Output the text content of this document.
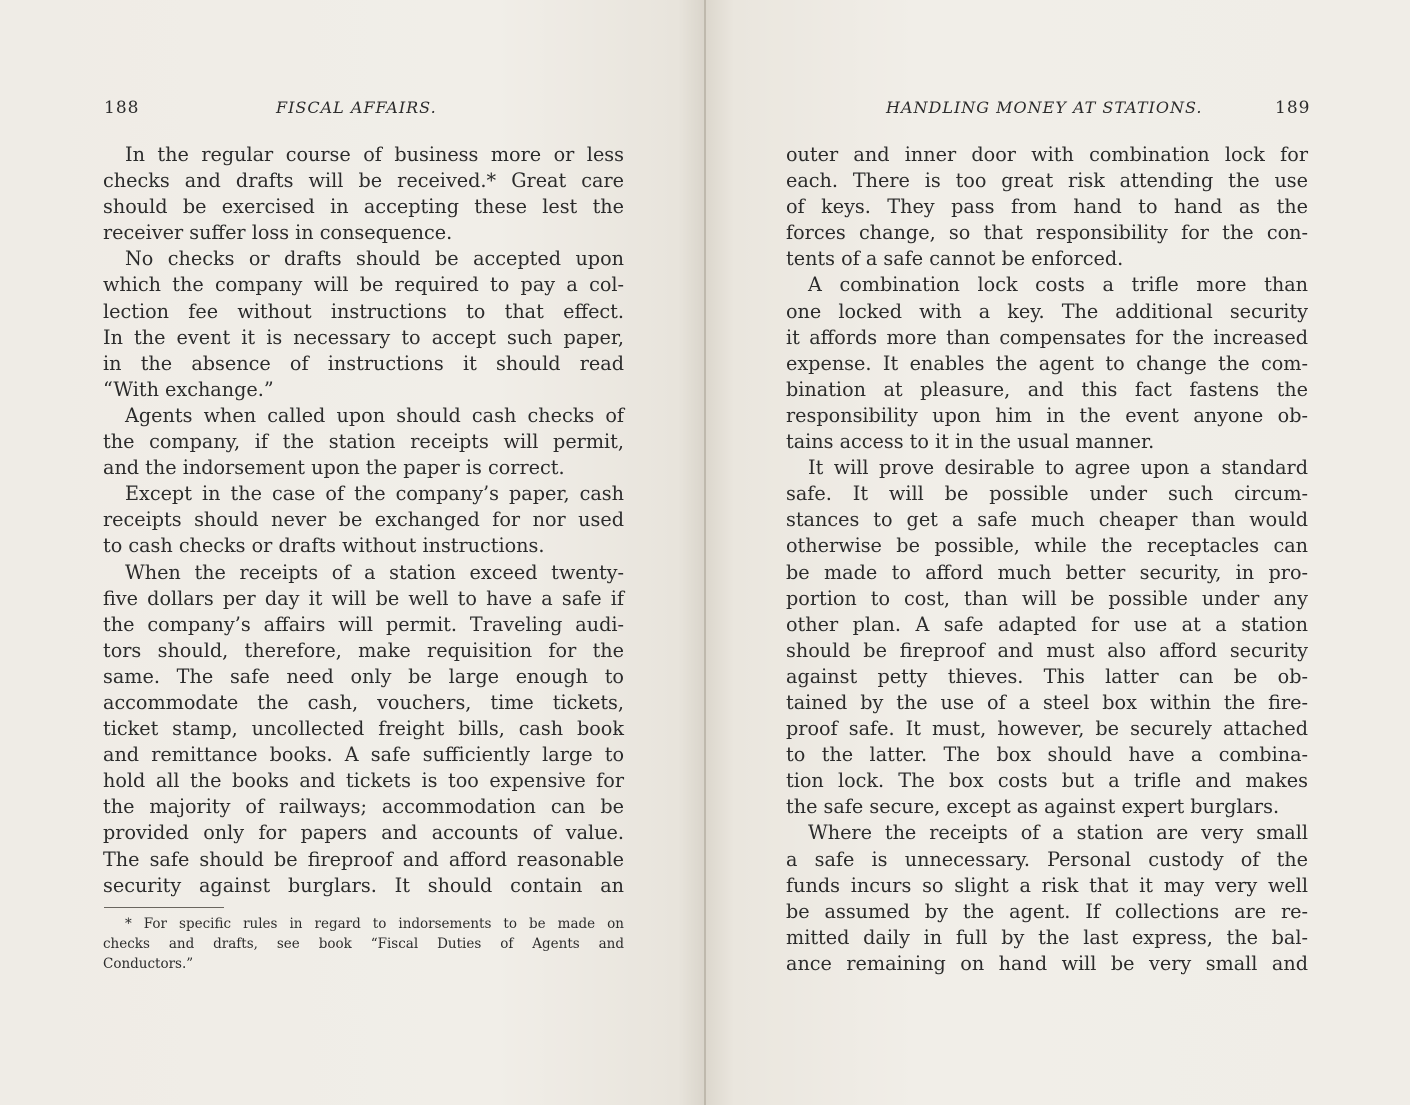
188	FISCAL AFFAIRS.
In the regular course of business more or less
checks and drafts will be received.* Great care
should be exercised in accepting these lest the
receiver suffer loss in consequence.
No checks or drafts should be accepted upon
which the company will be required to pay a col-
lection fee without instructions to that effect.
In the event it is necessary to accept such paper,
in the absence of instructions it should read
“With exchange.”
Agents when called upon should cash checks of
the company, if the station receipts will permit,
and the indorsement upon the paper is correct.
Except in the case of the company’s paper, cash
receipts should never be exchanged for nor used
to cash checks or drafts without instructions.
When the receipts of a station exceed twenty-
five dollars per day it will be well to have a safe if
the company’s affairs will permit. Traveling audi-
tors should, therefore, make requisition for the
same. The safe need only be large enough to
accommodate the cash, vouchers, time tickets,
ticket stamp, uncollected freight bills, cash book
and remittance books. A safe sufficiently large to
hold all the books and tickets is too expensive for
the majority of railways; accommodation can be
provided only for papers and accounts of value.
The safe should be fireproof and afford reasonable
security against burglars. It should contain an
* For specific rules in regard to indorsements to be made on
checks and drafts, see book “Fiscal Duties of Agents and
Conductors.”
HANDLING MONEY AT STATIONS.	189
outer and inner door with combination lock for
each. There is too great risk attending the use
of keys. They pass from hand to hand as the
forces change, so that responsibility for the con-
tents of a safe cannot be enforced.
A combination lock costs a trifle more than
one locked with a key. The additional security
it affords more than compensates for the increased
expense. It enables the agent to change the com-
bination at pleasure, and this fact fastens the
responsibility upon him in the event anyone ob-
tains access to it in the usual manner.
It will prove desirable to agree upon a standard
safe. It will be possible under such circum-
stances to get a safe much cheaper than would
otherwise be possible, while the receptacles can
be made to afford much better security, in pro-
portion to cost, than will be possible under any
other plan. A safe adapted for use at a station
should be fireproof and must also afford security
against petty thieves. This latter can be ob-
tained by the use of a steel box within the fire-
proof safe. It must, however, be securely attached
to the latter. The box should have a combina-
tion lock. The box costs but a trifle and makes
the safe secure, except as against expert burglars.
Where the receipts of a station are very small
a safe is unnecessary. Personal custody of the
funds incurs so slight a risk that it may very well
be assumed by the agent. If collections are re-
mitted daily in full by the last express, the bal-
ance remaining on hand will be very small and
